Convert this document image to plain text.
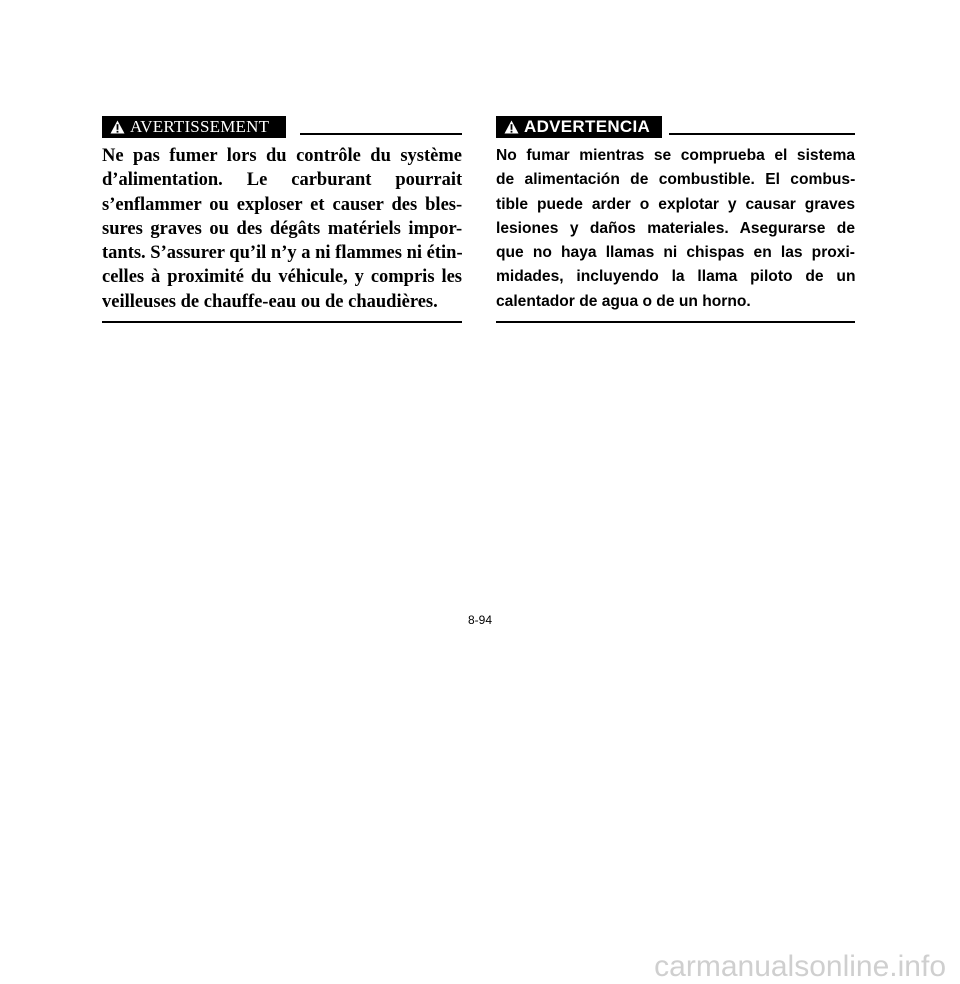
AVERTISSEMENT
Ne pas fumer lors du contrôle du système
d’alimentation. Le carburant pourrait
s’enflammer ou exploser et causer des bles-
sures graves ou des dégâts matériels impor-
tants. S’assurer qu’il n’y a ni flammes ni étin-
celles à proximité du véhicule, y compris les
veilleuses de chauffe-eau ou de chaudières.
ADVERTENCIA
No fumar mientras se comprueba el sistema
de alimentación de combustible. El combus-
tible puede arder o explotar y causar graves
lesiones y daños materiales. Asegurarse de
que no haya llamas ni chispas en las proxi-
midades, incluyendo la llama piloto de un
calentador de agua o de un horno.
8-94
carmanualsonline.info
